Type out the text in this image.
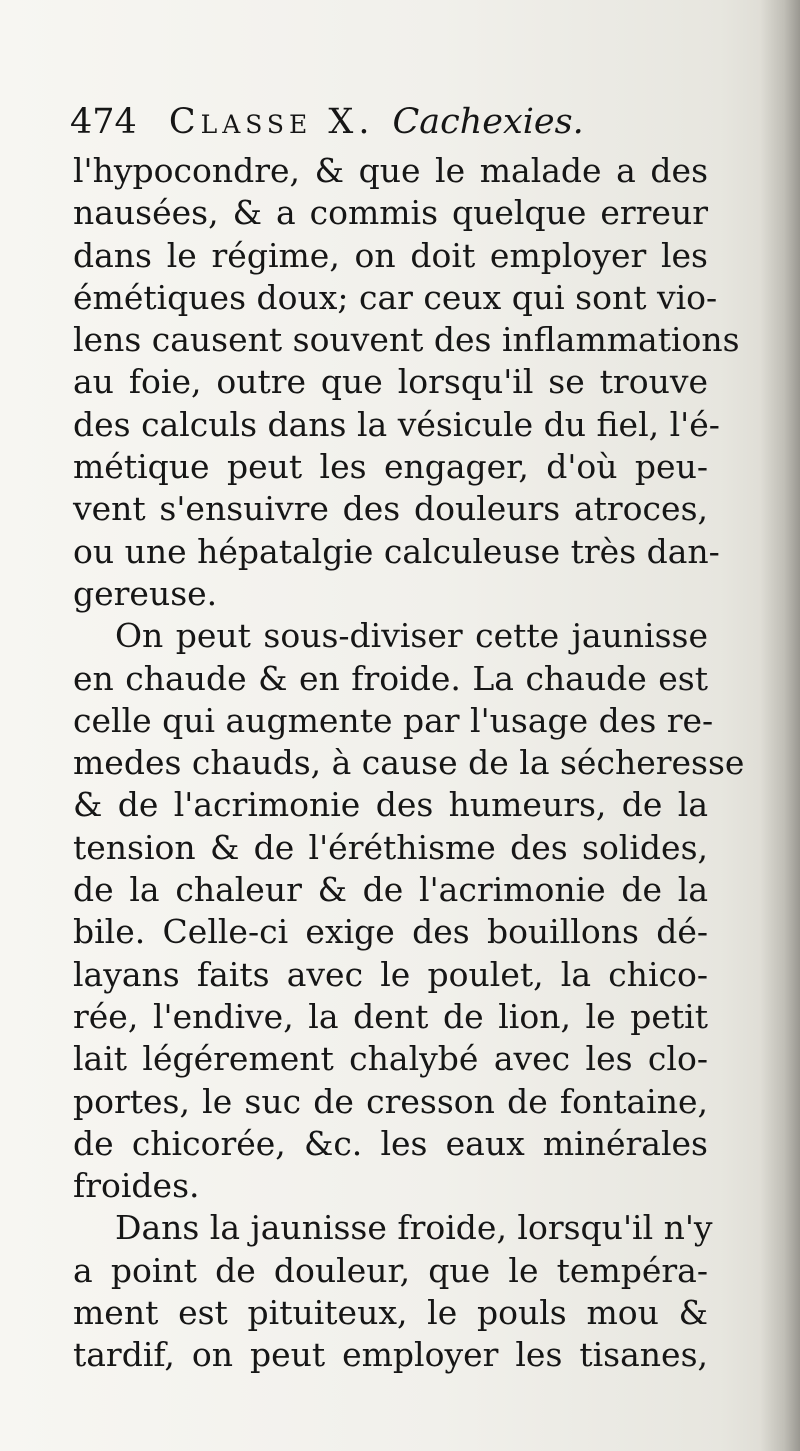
474 Classe X. Cachexies.
l'hypocondre, & que le malade a des
nausées, & a commis quelque erreur
dans le régime, on doit employer les
émétiques doux; car ceux qui sont vio-
lens causent souvent des inflammations
au foie, outre que lorsqu'il se trouve
des calculs dans la vésicule du fiel, l'é-
métique peut les engager, d'où peu-
vent s'ensuivre des douleurs atroces,
ou une hépatalgie calculeuse très dan-
gereuse.
On peut sous-diviser cette jaunisse
en chaude & en froide. La chaude est
celle qui augmente par l'usage des re-
medes chauds, à cause de la sécheresse
& de l'acrimonie des humeurs, de la
tension & de l'éréthisme des solides,
de la chaleur & de l'acrimonie de la
bile. Celle-ci exige des bouillons dé-
layans faits avec le poulet, la chico-
rée, l'endive, la dent de lion, le petit
lait légérement chalybé avec les clo-
portes, le suc de cresson de fontaine,
de chicorée, &c. les eaux minérales
froides.
Dans la jaunisse froide, lorsqu'il n'y
a point de douleur, que le tempéra-
ment est pituiteux, le pouls mou &
tardif, on peut employer les tisanes,
